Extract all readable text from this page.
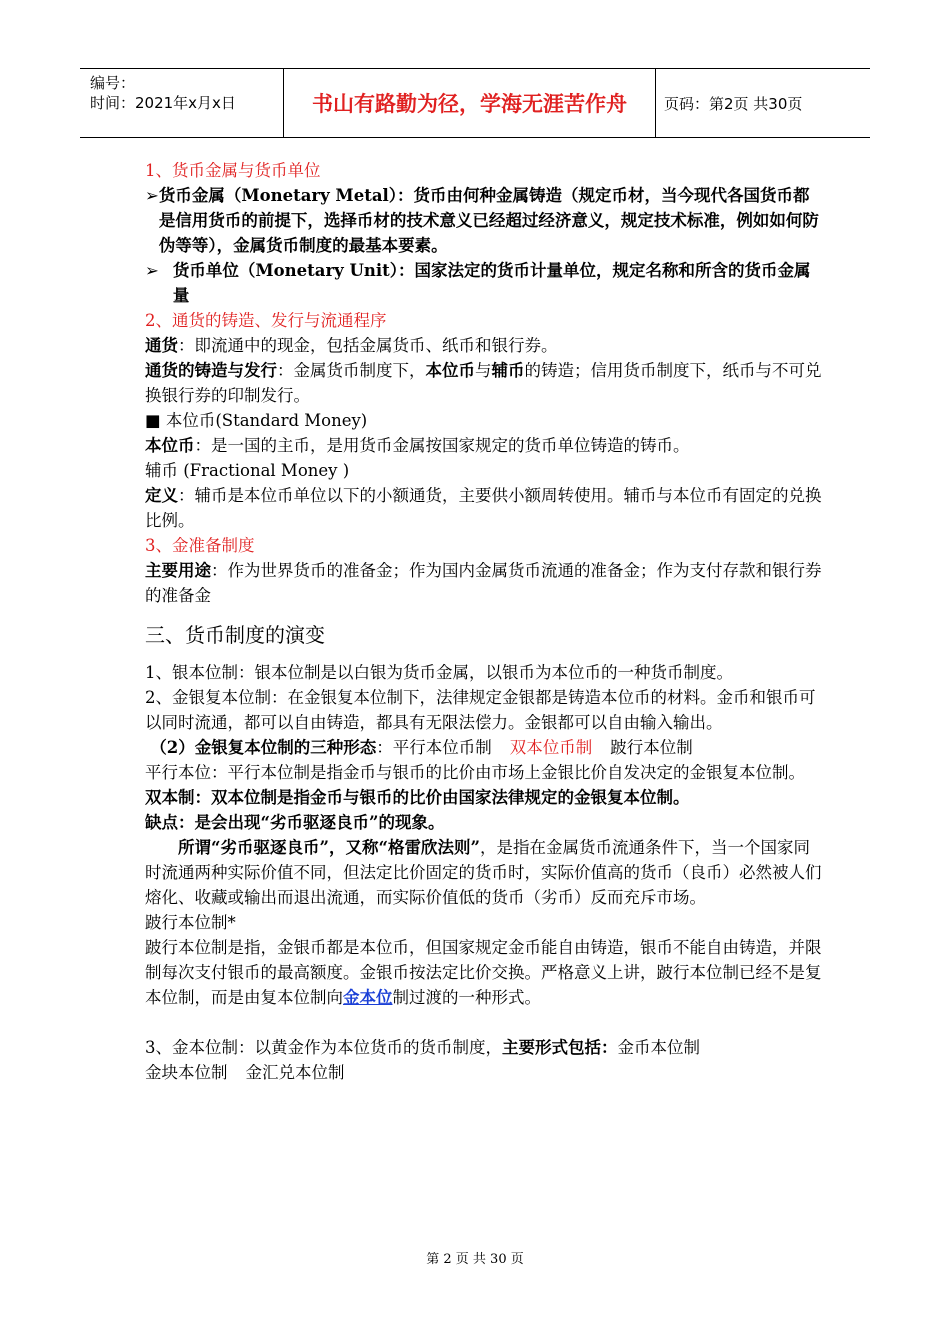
编号：
时间：2021年x月x日	书山有路勤为径，学海无涯苦作舟	页码：第2页 共30页

1、货币金属与货币单位

➢ 货币金属（Monetary Metal）：货币由何种金属铸造（规定币材，当今现代各国货币都是信用货币的前提下，选择币材的技术意义已经超过经济意义，规定技术标准，例如如何防伪等等），金属货币制度的最基本要素。
➢ 货币单位（Monetary Unit）：国家法定的货币计量单位，规定名称和所含的货币金属量

2、通货的铸造、发行与流通程序

通货：即流通中的现金，包括金属货币、纸币和银行券。

通货的铸造与发行：金属货币制度下，本位币与辅币的铸造；信用货币制度下，纸币与不可兑换银行券的印制发行。

■ 本位币(Standard Money)

本位币：是一国的主币，是用货币金属按国家规定的货币单位铸造的铸币。

辅币 (Fractional Money )

定义：辅币是本位币单位以下的小额通货，主要供小额周转使用。辅币与本位币有固定的兑换比例。

3、金准备制度

主要用途：作为世界货币的准备金；作为国内金属货币流通的准备金；作为支付存款和银行券的准备金

三、货币制度的演变

1、银本位制：银本位制是以白银为货币金属，以银币为本位币的一种货币制度。

2、金银复本位制：在金银复本位制下，法律规定金银都是铸造本位币的材料。金币和银币可以同时流通，都可以自由铸造，都具有无限法偿力。金银都可以自由输入输出。

（2）金银复本位制的三种形态：平行本位币制 双本位币制 跛行本位制

平行本位：平行本位制是指金币与银币的比价由市场上金银比价自发决定的金银复本位制。

双本制：双本位制是指金币与银币的比价由国家法律规定的金银复本位制。

缺点：是会出现“劣币驱逐良币”的现象。

所谓“劣币驱逐良币”，又称“格雷欣法则”，是指在金属货币流通条件下，当一个国家同时流通两种实际价值不同，但法定比价固定的货币时，实际价值高的货币（良币）必然被人们熔化、收藏或输出而退出流通，而实际价值低的货币（劣币）反而充斥市场。

跛行本位制*

跛行本位制是指，金银币都是本位币，但国家规定金币能自由铸造，银币不能自由铸造，并限制每次支付银币的最高额度。金银币按法定比价交换。严格意义上讲，跛行本位制已经不是复本位制，而是由复本位制向金本位制过渡的一种形式。

3、金本位制：以黄金作为本位货币的货币制度，主要形式包括：金币本位制

金块本位制 金汇兑本位制

第 2 页 共 30 页
